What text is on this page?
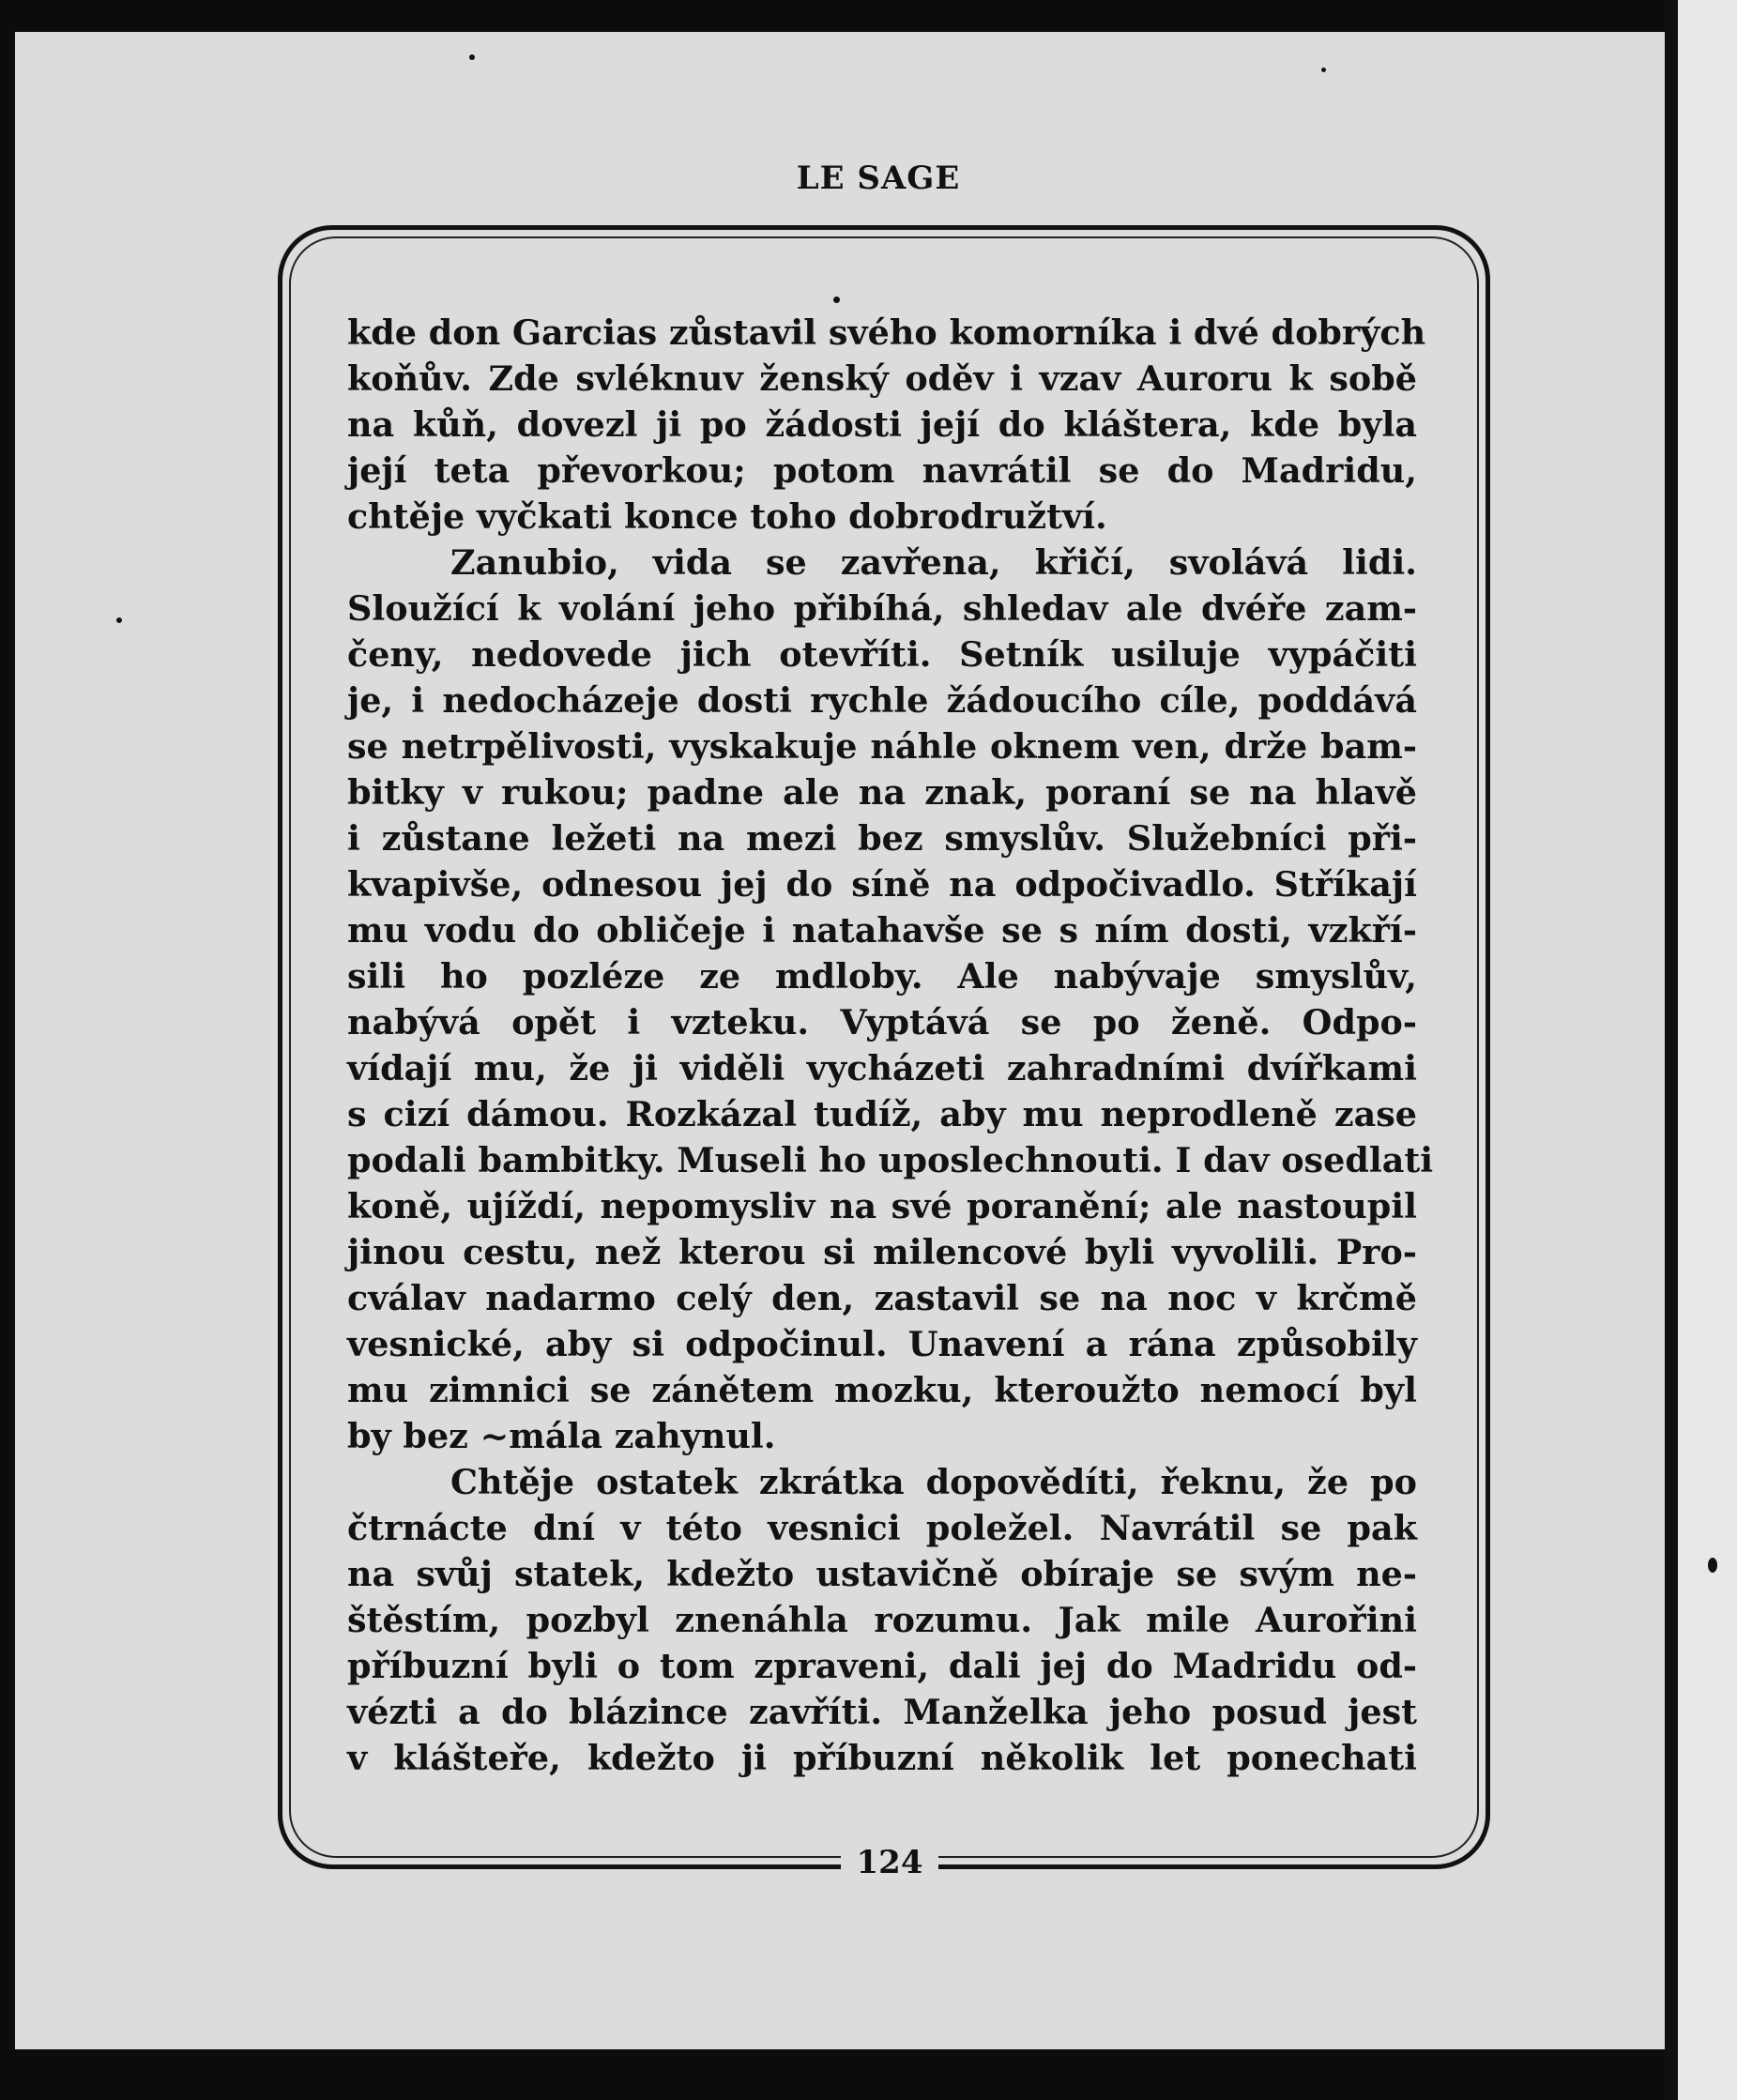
LE SAGE
124
kde don Garcias zůstavil svého komorníka i dvé dobrých
koňův. Zde svléknuv ženský oděv i vzav Auroru k sobě
na kůň, dovezl ji po žádosti její do kláštera, kde byla
její teta převorkou; potom navrátil se do Madridu,
chtěje vyčkati konce toho dobrodružtví.
Zanubio, vida se zavřena, křičí, svolává lidi.
Sloužící k volání jeho přibíhá, shledav ale dvéře zam-
čeny, nedovede jich otevříti. Setník usiluje vypáčiti
je, i nedocházeje dosti rychle žádoucího cíle, poddává
se netrpělivosti, vyskakuje náhle oknem ven, drže bam-
bitky v rukou; padne ale na znak, poraní se na hlavě
i zůstane ležeti na mezi bez smyslův. Služebníci při-
kvapivše, odnesou jej do síně na odpočivadlo. Stříkají
mu vodu do obličeje i natahavše se s ním dosti, vzkří-
sili ho pozléze ze mdloby. Ale nabývaje smyslův,
nabývá opět i vzteku. Vyptává se po ženě. Odpo-
vídají mu, že ji viděli vycházeti zahradními dvířkami
s cizí dámou. Rozkázal tudíž, aby mu neprodleně zase
podali bambitky. Museli ho uposlechnouti. I dav osedlati
koně, ujíždí, nepomysliv na své poranění; ale nastoupil
jinou cestu, než kterou si milencové byli vyvolili. Pro-
cválav nadarmo celý den, zastavil se na noc v krčmě
vesnické, aby si odpočinul. Unavení a rána způsobily
mu zimnici se zánětem mozku, kteroužto nemocí byl
by bez ~mála zahynul.
Chtěje ostatek zkrátka dopovědíti, řeknu, že po
čtrnácte dní v této vesnici poležel. Navrátil se pak
na svůj statek, kdežto ustavičně obíraje se svým ne-
štěstím, pozbyl znenáhla rozumu. Jak mile Aurořini
příbuzní byli o tom zpraveni, dali jej do Madridu od-
vézti a do blázince zavříti. Manželka jeho posud jest
v klášteře, kdežto ji příbuzní několik let ponechati
